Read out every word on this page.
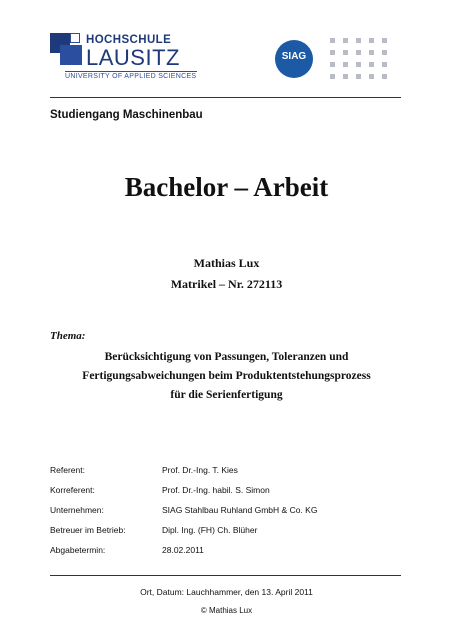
HOCHSCHULE
LAUSITZ
UNIVERSITY OF APPLIED SCIENCES
SIAG
Studiengang Maschinenbau
Bachelor – Arbeit
Mathias Lux
Matrikel – Nr. 272113
Thema:
Berücksichtigung von Passungen, Toleranzen und
Fertigungsabweichungen beim Produktentstehungsprozess
für die Serienfertigung
Referent:	Prof. Dr.-Ing. T. Kies
Korreferent:	Prof. Dr.-Ing. habil. S. Simon
Unternehmen:	SIAG Stahlbau Ruhland GmbH & Co. KG
Betreuer im Betrieb:	Dipl. Ing. (FH) Ch. Blüher
Abgabetermin:	28.02.2011
Ort, Datum: Lauchhammer, den 13. April 2011
© Mathias Lux
